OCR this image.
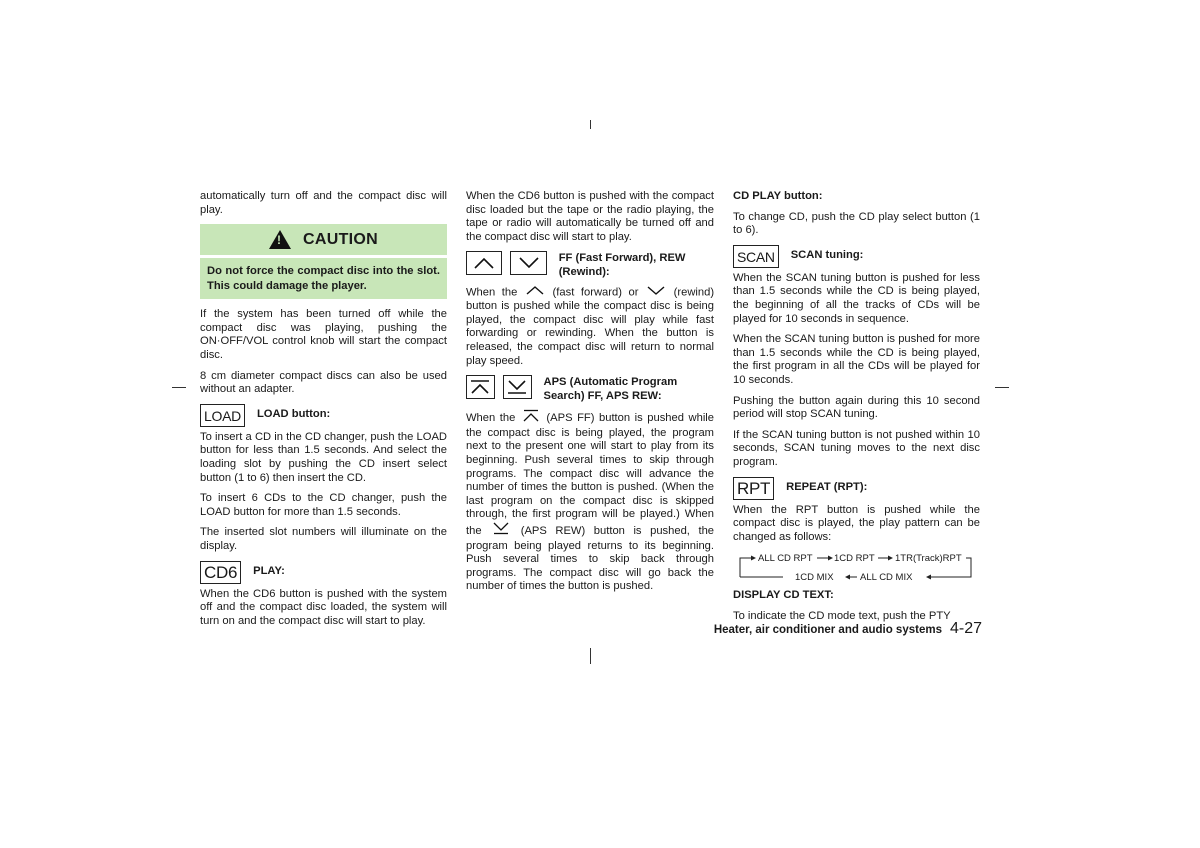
automatically turn off and the compact disc will play.

! CAUTION
Do not force the compact disc into the slot. This could damage the player.

If the system has been turned off while the compact disc was playing, pushing the ON·OFF/VOL control knob will start the compact disc.

8 cm diameter compact discs can also be used without an adapter.

LOAD	LOAD button:

To insert a CD in the CD changer, push the LOAD button for less than 1.5 seconds. And select the loading slot by pushing the CD insert select button (1 to 6) then insert the CD.

To insert 6 CDs to the CD changer, push the LOAD button for more than 1.5 seconds.

The inserted slot numbers will illuminate on the display.

CD6	PLAY:

When the CD6 button is pushed with the system off and the compact disc loaded, the system will turn on and the compact disc will start to play.

When the CD6 button is pushed with the compact disc loaded but the tape or the radio playing, the tape or radio will automatically be turned off and the compact disc will start to play.

FF (Fast Forward), REW (Rewind):

When the	(fast forward) or	(rewind) button is pushed while the compact disc is being played, the compact disc will play while fast forwarding or rewinding. When the button is released, the compact disc will return to normal play speed.

APS (Automatic Program Search) FF, APS REW:

When the	(APS FF) button is pushed while the compact disc is being played, the program next to the present one will start to play from its beginning. Push several times to skip through programs. The compact disc will advance the number of times the button is pushed. (When the last program on the compact disc is skipped through, the first program will be played.) When the	(APS REW) button is pushed, the program being played returns to its beginning. Push several times to skip back through programs. The compact disc will go back the number of times the button is pushed.

CD PLAY button:

To change CD, push the CD play select button (1 to 6).

SCAN	SCAN tuning:

When the SCAN tuning button is pushed for less than 1.5 seconds while the CD is being played, the beginning of all the tracks of CDs will be played for 10 seconds in sequence.

When the SCAN tuning button is pushed for more than 1.5 seconds while the CD is being played, the first program in all the CDs will be played for 10 seconds.

Pushing the button again during this 10 second period will stop SCAN tuning.

If the SCAN tuning button is not pushed within 10 seconds, SCAN tuning moves to the next disc program.

RPT	REPEAT (RPT):

When the RPT button is pushed while the compact disc is played, the play pattern can be changed as follows:

ALL CD RPT 1CD RPT 1TR(Track)RPT
1CD MIX	ALL CD MIX
DISPLAY CD TEXT:

To indicate the CD mode text, push the PTY

Heater, air conditioner and audio systems 4-27
